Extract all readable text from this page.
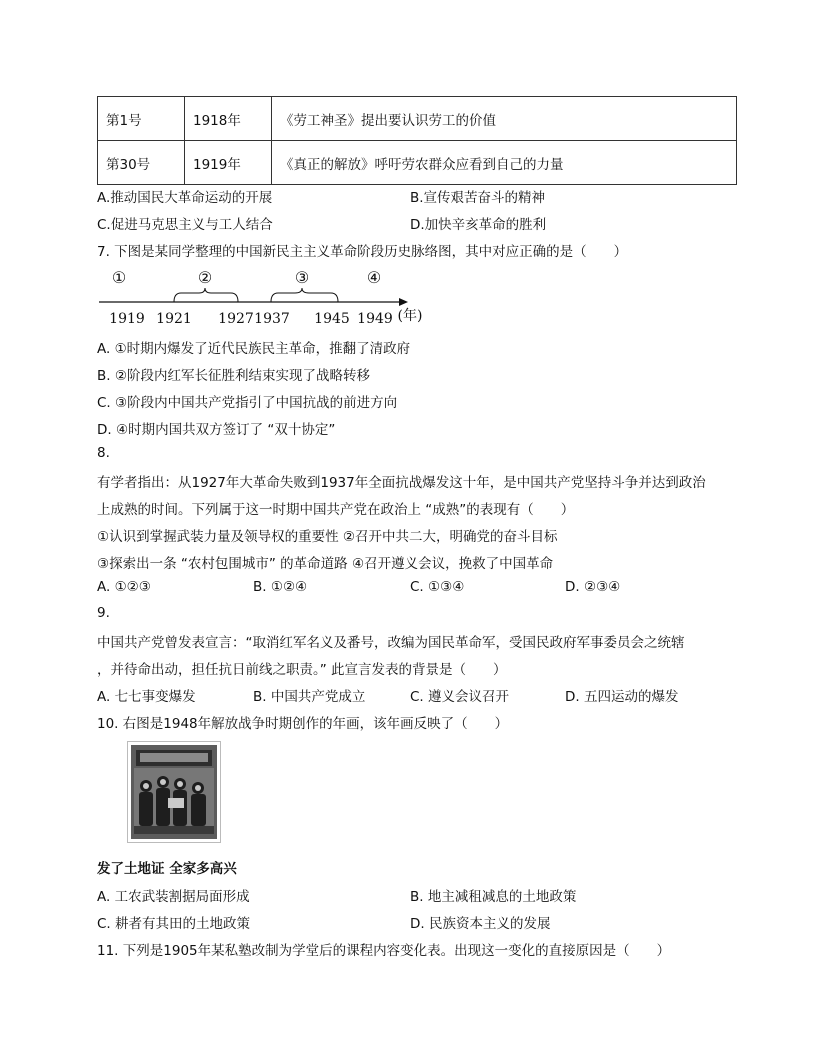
第1号	1918年	《劳工神圣》提出要认识劳工的价值
第30号	1919年	《真正的解放》呼吁劳农群众应看到自己的力量
A.推动国民大革命运动的开展	B.宣传艰苦奋斗的精神
C.促进马克思主义与工人结合	D.加快辛亥革命的胜利
7. 下图是某同学整理的中国新民主主义革命阶段历史脉络图，其中对应正确的是（　　）
①	②	③	④
1919 1921 1927 1937 1945 1949 (年)
A. ①时期内爆发了近代民族民主革命，推翻了清政府
B. ②阶段内红军长征胜利结束实现了战略转移
C. ③阶段内中国共产党指引了中国抗战的前进方向
D. ④时期内国共双方签订了 “双十协定”
8.
有学者指出：从1927年大革命失败到1937年全面抗战爆发这十年，是中国共产党坚持斗争并达到政治
上成熟的时间。下列属于这一时期中国共产党在政治上 “成熟”的表现有（　　）
①认识到掌握武装力量及领导权的重要性 ②召开中共二大，明确党的奋斗目标
③探索出一条 “农村包围城市” 的革命道路 ④召开遵义会议，挽救了中国革命
A. ①②③	B. ①②④	C. ①③④	D. ②③④
9.
中国共产党曾发表宣言：“取消红军名义及番号，改编为国民革命军，受国民政府军事委员会之统辖
，并待命出动，担任抗日前线之职责。” 此宣言发表的背景是（　　）
A. 七七事变爆发	B. 中国共产党成立	C. 遵义会议召开	D. 五四运动的爆发
10. 右图是1948年解放战争时期创作的年画，该年画反映了（　　）
发了土地证 全家多高兴
A. 工农武装割据局面形成	B. 地主减租减息的土地政策
C. 耕者有其田的土地政策	D. 民族资本主义的发展
11. 下列是1905年某私塾改制为学堂后的课程内容变化表。出现这一变化的直接原因是（　　）
